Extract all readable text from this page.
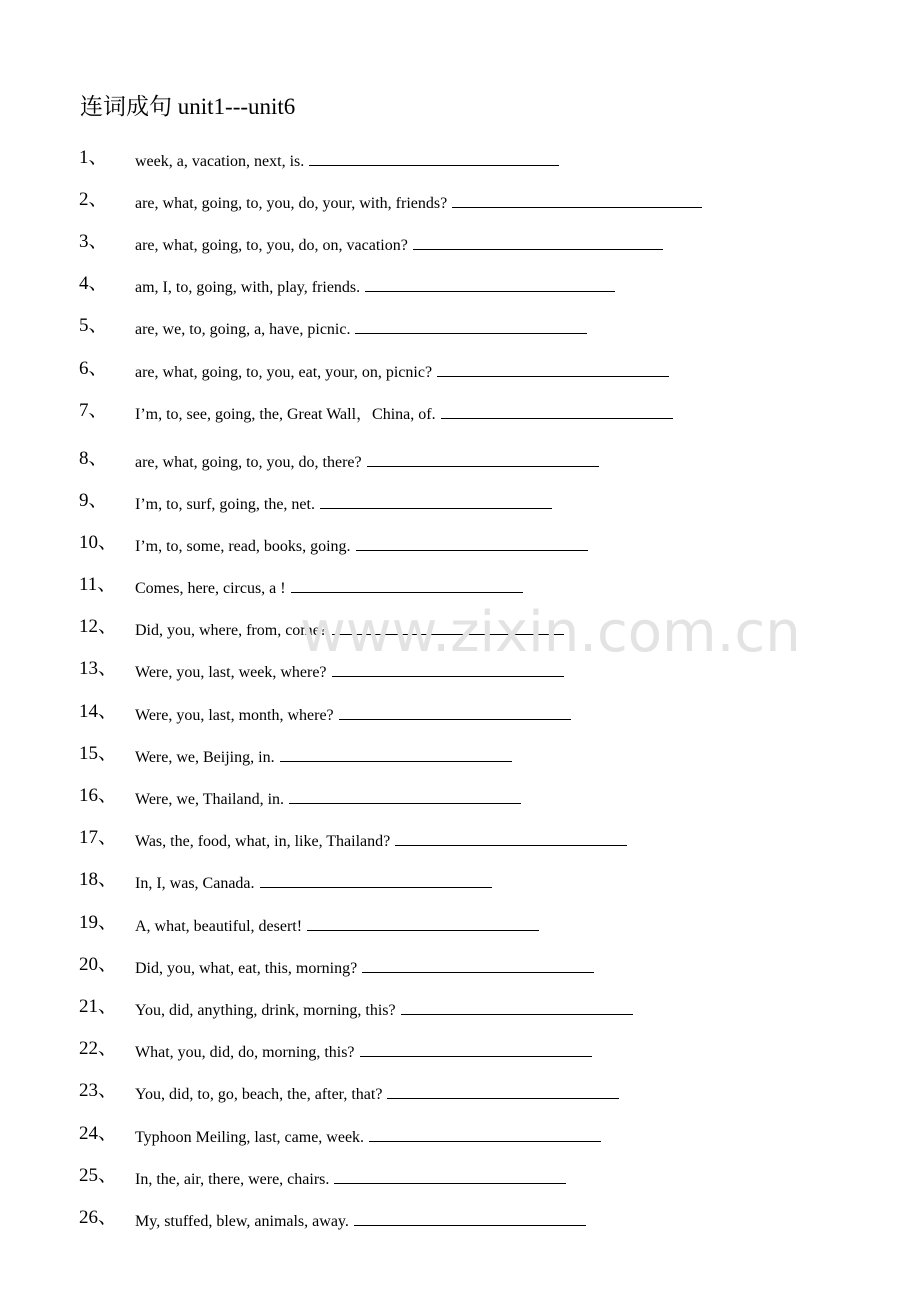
连词成句 unit1---unit6
1、 week, a, vacation, next, is.
2、 are, what, going, to, you, do, your, with, friends?
3、 are, what, going, to, you, do, on, vacation?
4、 am, I, to, going, with, play, friends.
5、 are, we, to, going, a, have, picnic.
6、 are, what, going, to, you, eat, your, on, picnic?
7、 I’m, to, see, going, the, Great Wall，China, of.
8、 are, what, going, to, you, do, there?
9、 I’m, to, surf, going, the, net.
10、 I’m, to, some, read, books, going.
11、 Comes, here, circus, a !
12、 Did, you, where, from, come?
13、 Were, you, last, week, where?
14、 Were, you, last, month, where?
15、 Were, we, Beijing, in.
16、 Were, we, Thailand, in.
17、 Was, the, food, what, in, like, Thailand?
18、 In, I, was, Canada.
19、 A, what, beautiful, desert!
20、 Did, you, what, eat, this, morning?
21、 You, did, anything, drink, morning, this?
22、 What, you, did, do, morning, this?
23、 You, did, to, go, beach, the, after, that?
24、 Typhoon Meiling, last, came, week.
25、 In, the, air, there, were, chairs.
26、 My, stuffed, blew, animals, away.
www.zixin.com.cn
